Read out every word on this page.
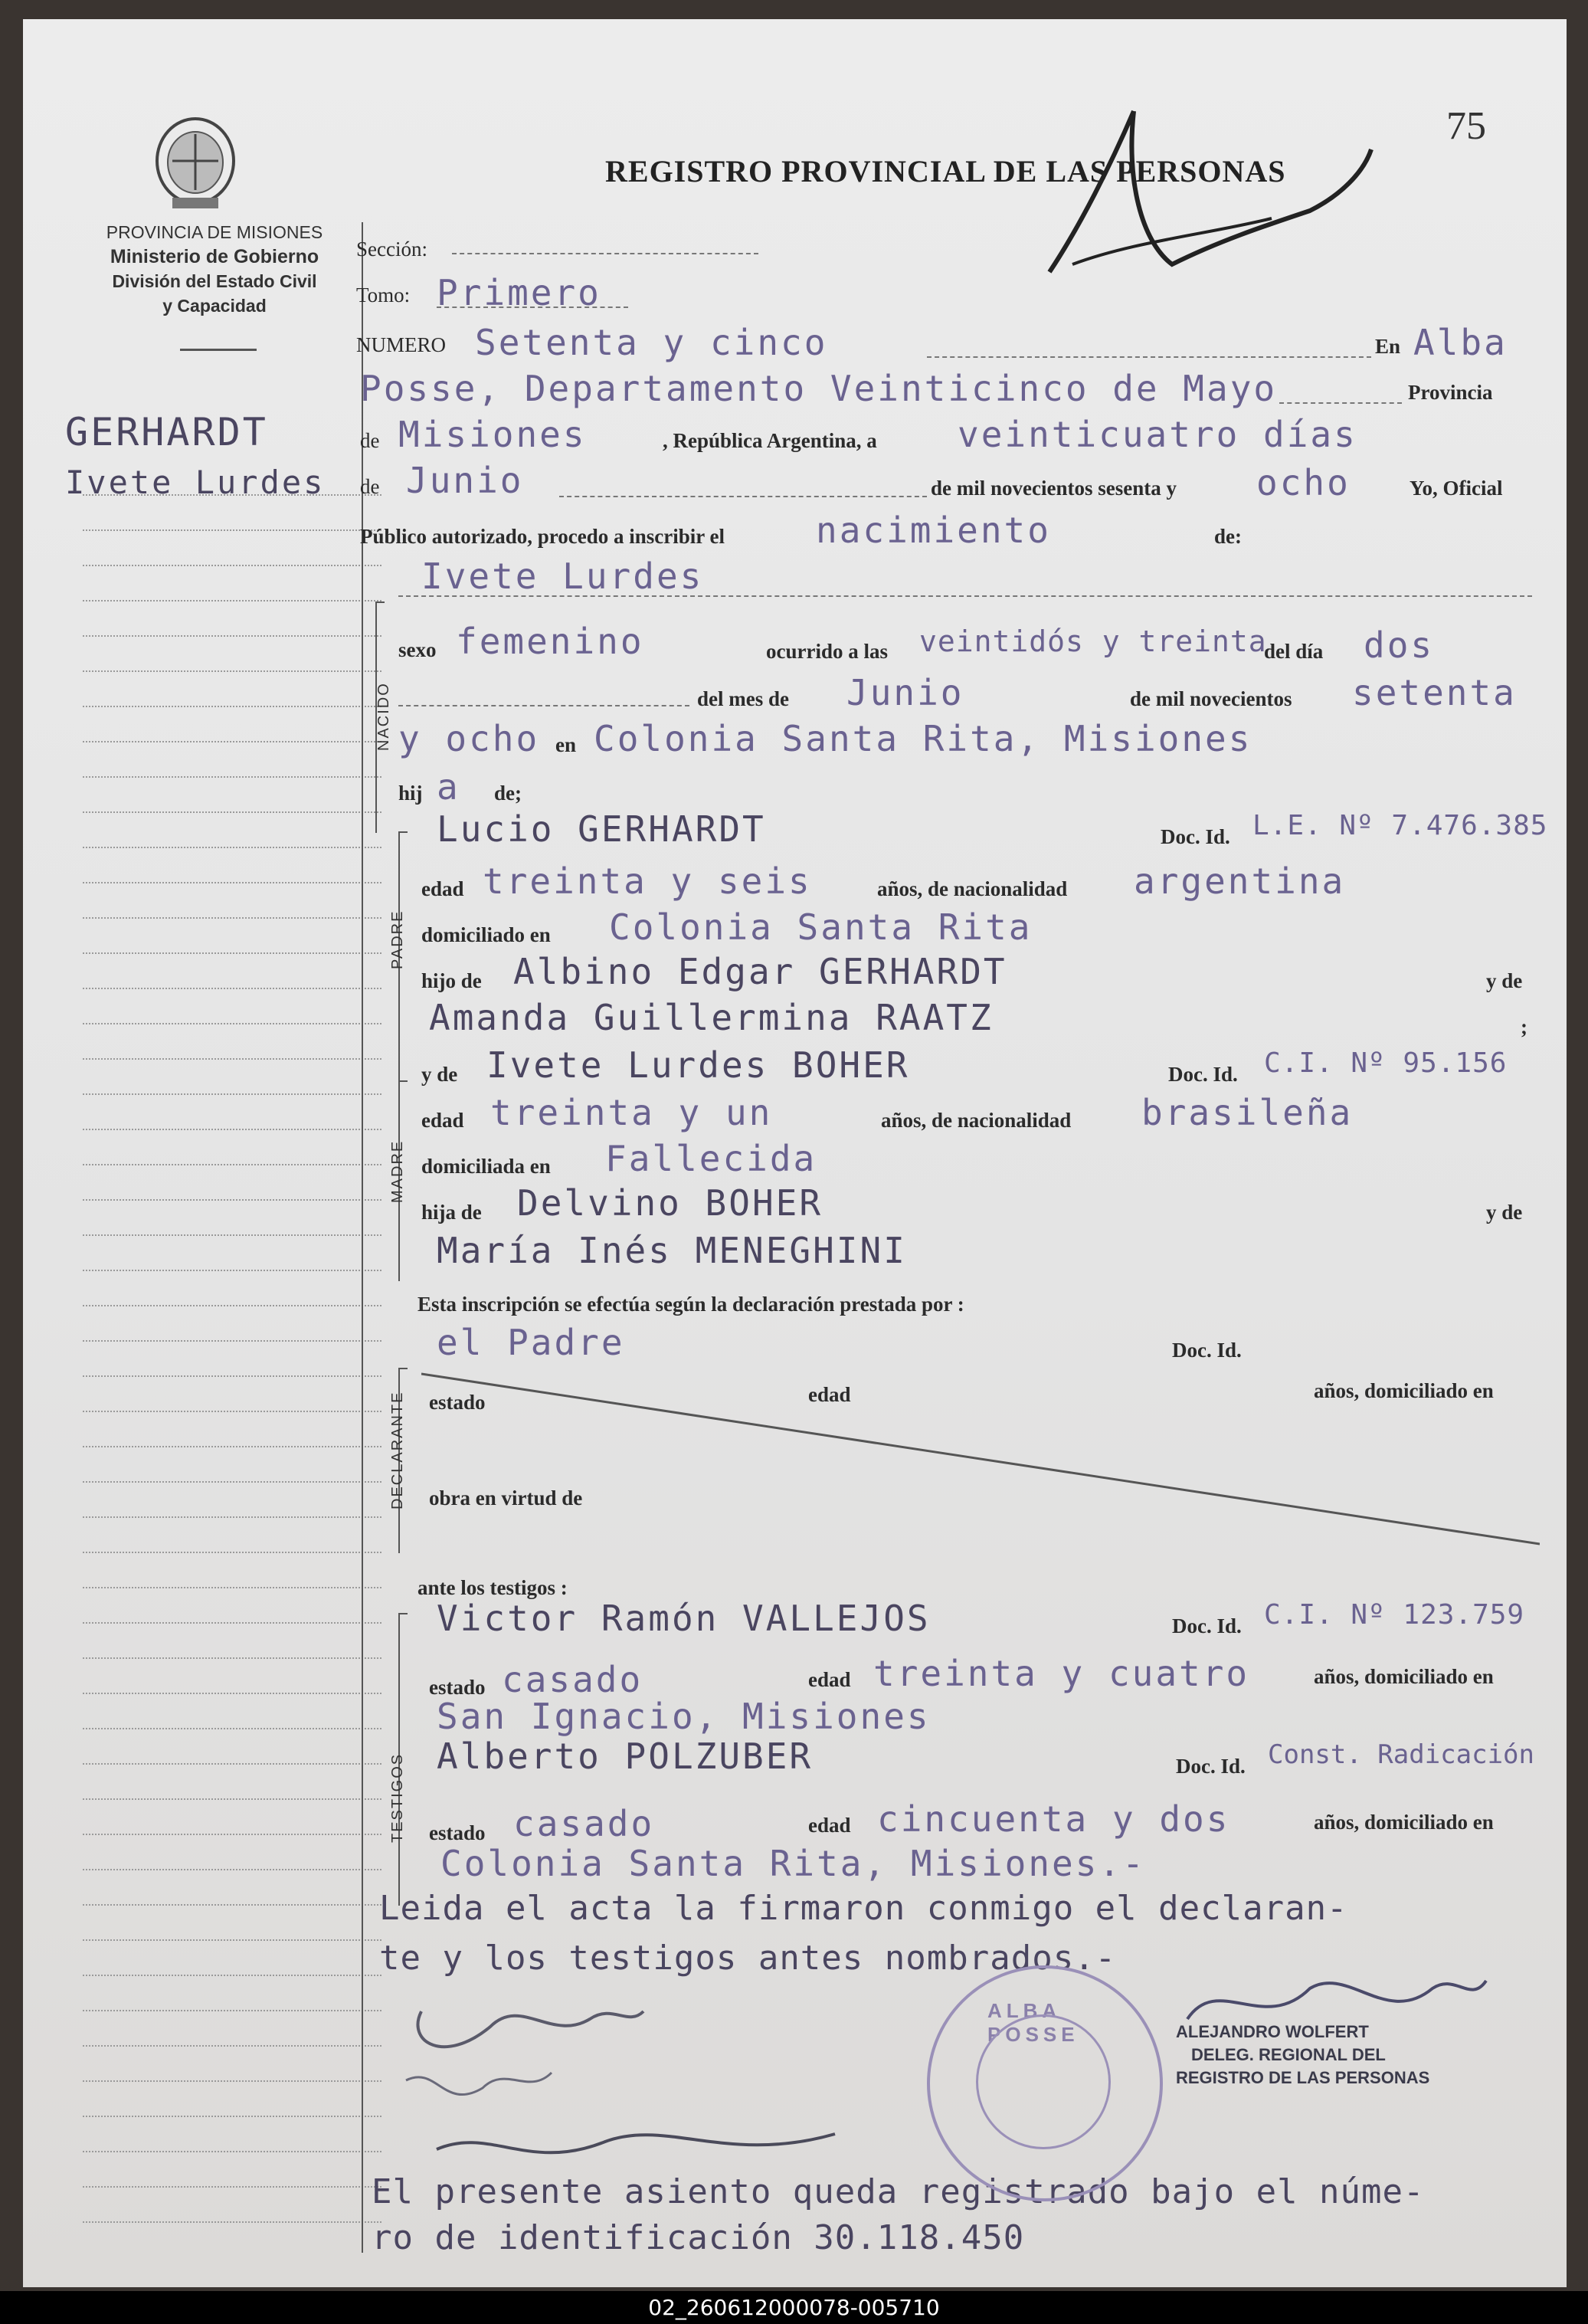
75
PROVINCIA DE MISIONES
Ministerio de Gobierno
División del Estado Civil
y Capacidad
REGISTRO PROVINCIAL DE LAS PERSONAS
GERHARDT
Ivete Lurdes
Sección:
Tomo: Primero
NUMERO Setenta y cinco	En Alba
Posse, Departamento Veinticinco de Mayo	Provincia
de Misiones	, República Argentina, a veinticuatro días
de Junio	de mil novecientos sesenta y ocho	Yo, Oficial
Público autorizado, procedo a inscribir el	nacimiento	de:
Ivete Lurdes
NACIDO
sexo femenino	ocurrido a las veintidós y treinta
del día dos
del mes de Junio	de mil novecientos setenta
y ocho en Colonia Santa Rita, Misiones
hij a de;
PADRE
Lucio GERHARDT	Doc. Id. L.E. Nº 7.476.385
edad treinta y seis	años, de nacionalidad argentina
domiciliado en Colonia Santa Rita
hijo de Albino Edgar GERHARDT	y de
Amanda Guillermina RAATZ	;
MADRE
y de Ivete Lurdes BOHER	Doc. Id. C.I. Nº 95.156
edad treinta y un	años, de nacionalidad brasileña
domiciliada en Fallecida
hija de Delvino BOHER	y de
María Inés MENEGHINI
Esta inscripción se efectúa según la declaración prestada por :
DECLARANTE
el Padre	Doc. Id.
estado	edad	años, domiciliado en
obra en virtud de
ante los testigos :
TESTIGOS
Victor Ramón VALLEJOS	Doc. Id. C.I. Nº 123.759
estado casado	edad treinta y cuatro	años, domiciliado en
San Ignacio, Misiones
Alberto POLZUBER	Doc. Id. Const. Radicación
estado casado	edad cincuenta y dos	años, domiciliado en
Colonia Santa Rita, Misiones.-
Leida el acta la firmaron conmigo el declaran-
te y los testigos antes nombrados.-
El presente asiento queda registrado bajo el núme-
ro de identificación 30.118.450
ALEJANDRO WOLFERT
DELEG. REGIONAL DEL
REGISTRO DE LAS PERSONAS
ALBA POSSE
02_260612000078-005710
